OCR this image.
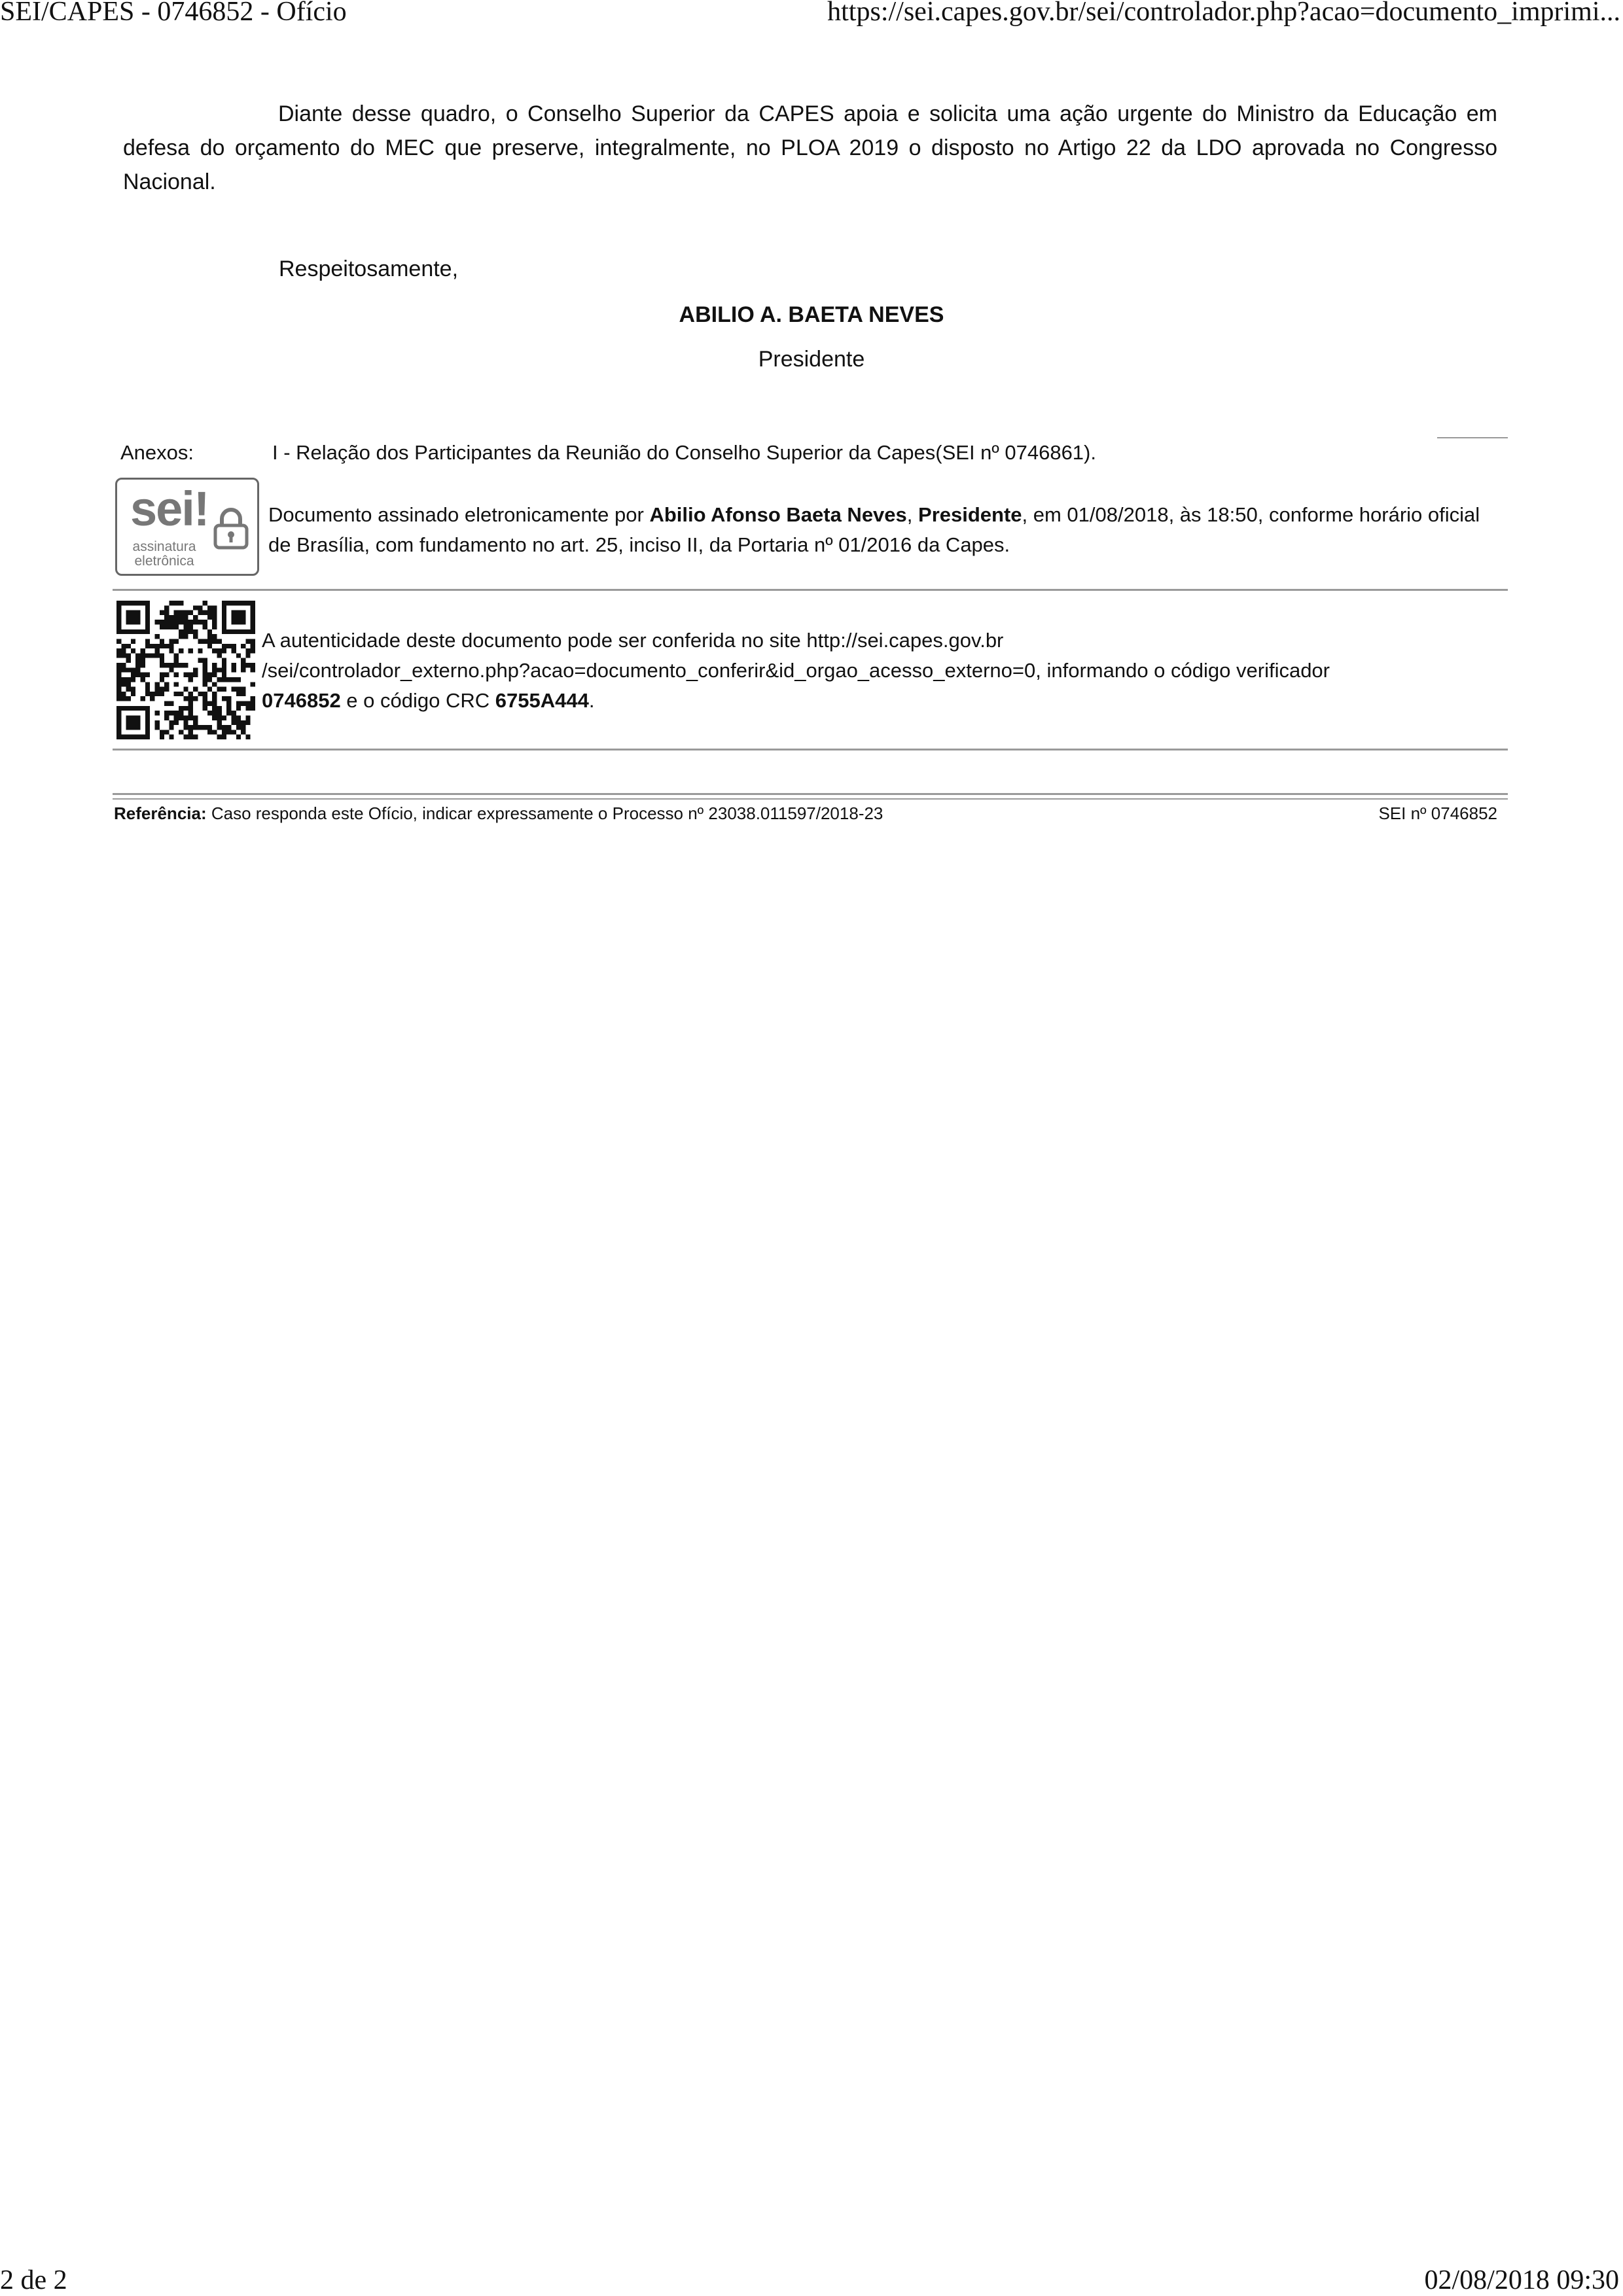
SEI/CAPES - 0746852 - Ofício	https://sei.capes.gov.br/sei/controlador.php?acao=documento_imprimi...
Diante desse quadro, o Conselho Superior da CAPES apoia e solicita uma ação urgente do Ministro da Educação em defesa do orçamento do MEC que preserve, integralmente, no PLOA 2019 o disposto no Artigo 22 da LDO aprovada no Congresso Nacional.
Respeitosamente,
ABILIO A. BAETA NEVES
Presidente
Anexos:	I - Relação dos Participantes da Reunião do Conselho Superior da Capes(SEI nº 0746861).
sei!
assinatura
eletrônica
Documento assinado eletronicamente por Abilio Afonso Baeta Neves, Presidente, em 01/08/2018, às 18:50, conforme horário oficial de Brasília, com fundamento no art. 25, inciso II, da Portaria nº 01/2016 da Capes.
A autenticidade deste documento pode ser conferida no site http://sei.capes.gov.br
/sei/controlador_externo.php?acao=documento_conferir&id_orgao_acesso_externo=0, informando o código verificador
0746852 e o código CRC 6755A444.
Referência: Caso responda este Ofício, indicar expressamente o Processo nº 23038.011597/2018-23	SEI nº 0746852
2 de 2	02/08/2018 09:30
